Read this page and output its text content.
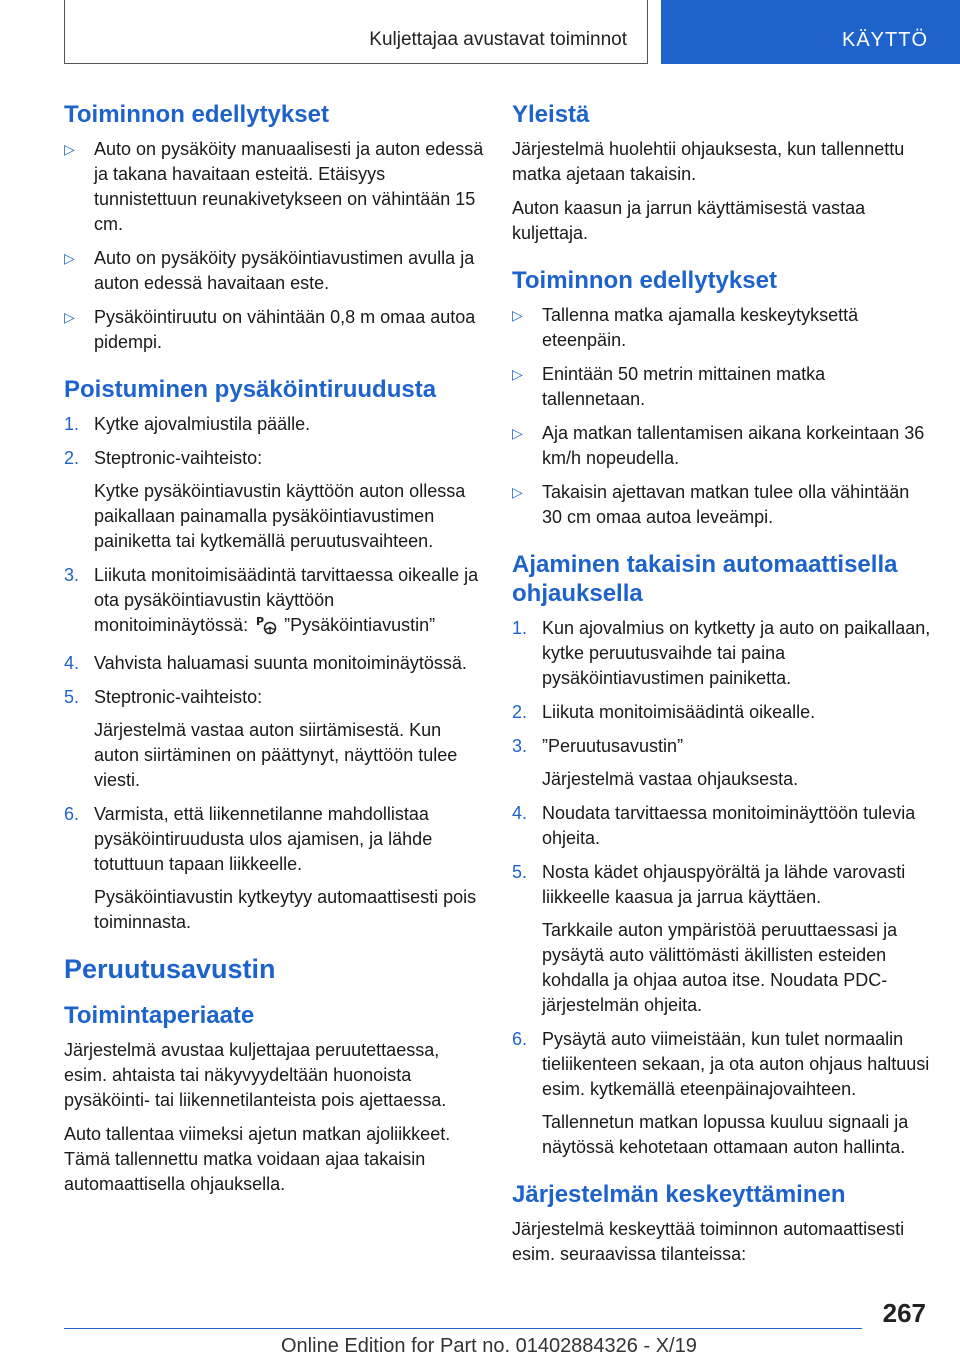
Kuljettajaa avustavat toiminnot	KÄYTTÖ
Toiminnon edellytykset
▷ Auto on pysäköity manuaalisesti ja auton edessä ja takana havaitaan esteitä. Etäisyys tunnistettuun reunakivetykseen on vähintään 15 cm.
▷ Auto on pysäköity pysäköintiavustimen avulla ja auton edessä havaitaan este.
▷ Pysäköintiruutu on vähintään 0,8 m omaa autoa pidempi.
Poistuminen pysäköintiruudusta
1. Kytke ajovalmiustila päälle.
2. Steptronic-vaihteisto:
Kytke pysäköintiavustin käyttöön auton ollessa paikallaan painamalla pysäköintiavustimen painiketta tai kytkemällä peruutusvaihteen.
3. Liikuta monitoimisäädintä tarvittaessa oikealle ja ota pysäköintiavustin käyttöön monitoiminäytössä: P ”Pysäköintiavustin”
4. Vahvista haluamasi suunta monitoiminäytössä.
5. Steptronic-vaihteisto:
Järjestelmä vastaa auton siirtämisestä. Kun auton siirtäminen on päättynyt, näyttöön tulee viesti.
6. Varmista, että liikennetilanne mahdollistaa pysäköintiruudusta ulos ajamisen, ja lähde totuttuun tapaan liikkeelle.
Pysäköintiavustin kytkeytyy automaattisesti pois toiminnasta.
Peruutusavustin
Toimintaperiaate

Järjestelmä avustaa kuljettajaa peruutettaessa, esim. ahtaista tai näkyvyydeltään huonoista pysäköinti- tai liikennetilanteista pois ajettaessa.

Auto tallentaa viimeksi ajetun matkan ajoliikkeet. Tämä tallennettu matka voidaan ajaa takaisin automaattisella ohjauksella.

Yleistä

Järjestelmä huolehtii ohjauksesta, kun tallennettu matka ajetaan takaisin.

Auton kaasun ja jarrun käyttämisestä vastaa kuljettaja.

Toiminnon edellytykset
▷ Tallenna matka ajamalla keskeytyksettä eteenpäin.
▷ Enintään 50 metrin mittainen matka tallennetaan.
▷ Aja matkan tallentamisen aikana korkeintaan 36 km/h nopeudella.
▷ Takaisin ajettavan matkan tulee olla vähintään 30 cm omaa autoa leveämpi.
Ajaminen takaisin automaattisella ohjauksella
1. Kun ajovalmius on kytketty ja auto on paikallaan, kytke peruutusvaihde tai paina pysäköintiavustimen painiketta.
2. Liikuta monitoimisäädintä oikealle.
3. ”Peruutusavustin”
Järjestelmä vastaa ohjauksesta.
4. Noudata tarvittaessa monitoiminäyttöön tulevia ohjeita.
5. Nosta kädet ohjauspyörältä ja lähde varovasti liikkeelle kaasua ja jarrua käyttäen.
Tarkkaile auton ympäristöä peruuttaessasi ja pysäytä auto välittömästi äkillisten esteiden kohdalla ja ohjaa autoa itse. Noudata PDC-järjestelmän ohjeita.
6. Pysäytä auto viimeistään, kun tulet normaalin tieliikenteen sekaan, ja ota auton ohjaus haltuusi esim. kytkemällä eteenpäinajovaihteen.
Tallennetun matkan lopussa kuuluu signaali ja näytössä kehotetaan ottamaan auton hallinta.
Järjestelmän keskeyttäminen

Järjestelmä keskeyttää toiminnon automaattisesti esim. seuraavissa tilanteissa:

267
Online Edition for Part no. 01402884326 - X/19
